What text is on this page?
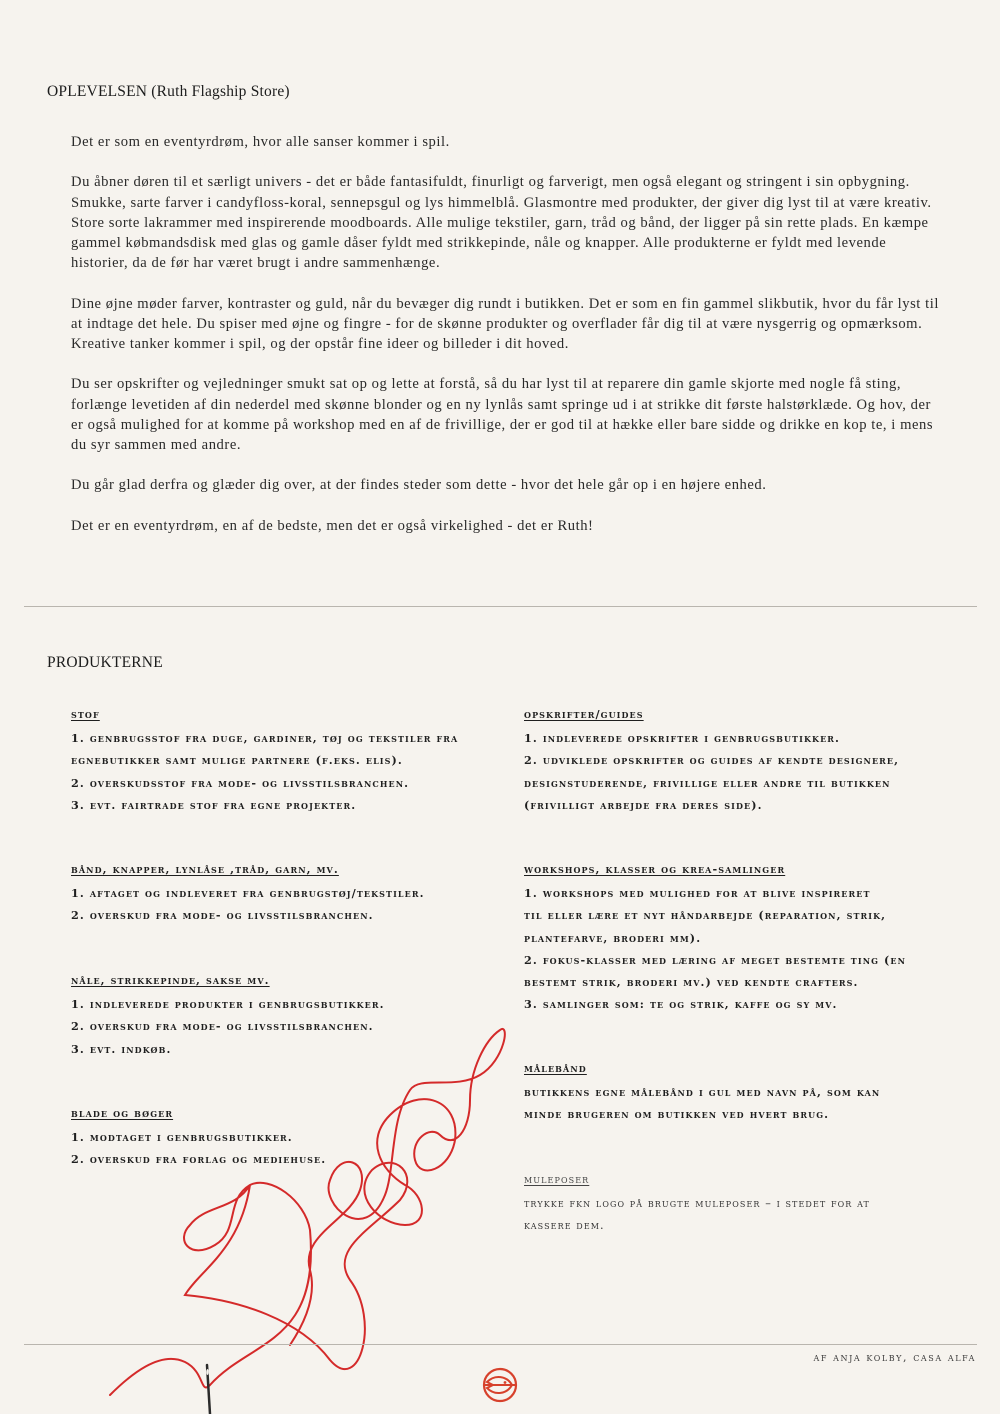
OPLEVELSEN (Ruth Flagship Store)

Det er som en eventyrdrøm, hvor alle sanser kommer i spil.

Du åbner døren til et særligt univers - det er både fantasifuldt, finurligt og farverigt, men også elegant og stringent i sin opbygning. Smukke, sarte farver i candyfloss-koral, sennepsgul og lys himmelblå. Glasmontre med produkter, der giver dig lyst til at være kreativ. Store sorte lakrammer med inspirerende moodboards. Alle mulige tekstiler, garn, tråd og bånd, der ligger på sin rette plads. En kæmpe gammel købmandsdisk med glas og gamle dåser fyldt med strikkepinde, nåle og knapper. Alle produkterne er fyldt med levende historier, da de før har været brugt i andre sammenhænge.

Dine øjne møder farver, kontraster og guld, når du bevæger dig rundt i butikken. Det er som en fin gammel slikbutik, hvor du får lyst til at indtage det hele. Du spiser med øjne og fingre - for de skønne produkter og overflader får dig til at være nysgerrig og opmærksom. Kreative tanker kommer i spil, og der opstår fine ideer og billeder i dit hoved.

Du ser opskrifter og vejledninger smukt sat op og lette at forstå, så du har lyst til at reparere din gamle skjorte med nogle få sting, forlænge levetiden af din nederdel med skønne blonder og en ny lynlås samt springe ud i at strikke dit første halstørklæde. Og hov, der er også mulighed for at komme på workshop med en af de frivillige, der er god til at hække eller bare sidde og drikke en kop te, i mens du syr sammen med andre.

Du går glad derfra og glæder dig over, at der findes steder som dette - hvor det hele går op i en højere enhed.

Det er en eventyrdrøm, en af de bedste, men det er også virkelighed - det er Ruth!

PRODUKTERNE
stof
1. genbrugsstof fra duge, gardiner, tøj og tekstiler fra
egnebutikker samt mulige partnere (f.eks. elis).
2. overskudsstof fra mode- og livsstilsbranchen.
3. evt. fairtrade stof fra egne projekter.
bånd, knapper, lynlåse ,tråd, garn, mv.
1. aftaget og indleveret fra genbrugstøj/tekstiler.
2. overskud fra mode- og livsstilsbranchen.
nåle, strikkepinde, sakse mv.
1. indleverede produkter i genbrugsbutikker.
2. overskud fra mode- og livsstilsbranchen.
3. evt. indkøb.
blade og bøger
1. modtaget i genbrugsbutikker.
2. overskud fra forlag og mediehuse.
opskrifter/guides
1. indleverede opskrifter i genbrugsbutikker.
2. udviklede opskrifter og guides af kendte designere,
designstuderende, frivillige eller andre til butikken
(frivilligt arbejde fra deres side).
workshops, klasser og krea-samlinger
1. workshops med mulighed for at blive inspireret
til eller lære et nyt håndarbejde (reparation, strik,
plantefarve, broderi mm).
2. fokus-klasser med læring af meget bestemte ting (en
bestemt strik, broderi mv.) ved kendte crafters.
3. samlinger som: te og strik, kaffe og sy mv.
målebånd
butikkens egne målebånd i gul med navn på, som kan
minde brugeren om butikken ved hvert brug.
muleposer
trykke fkn logo på brugte muleposer – i stedet for at
kassere dem.
af anja kolby, casa alfa
